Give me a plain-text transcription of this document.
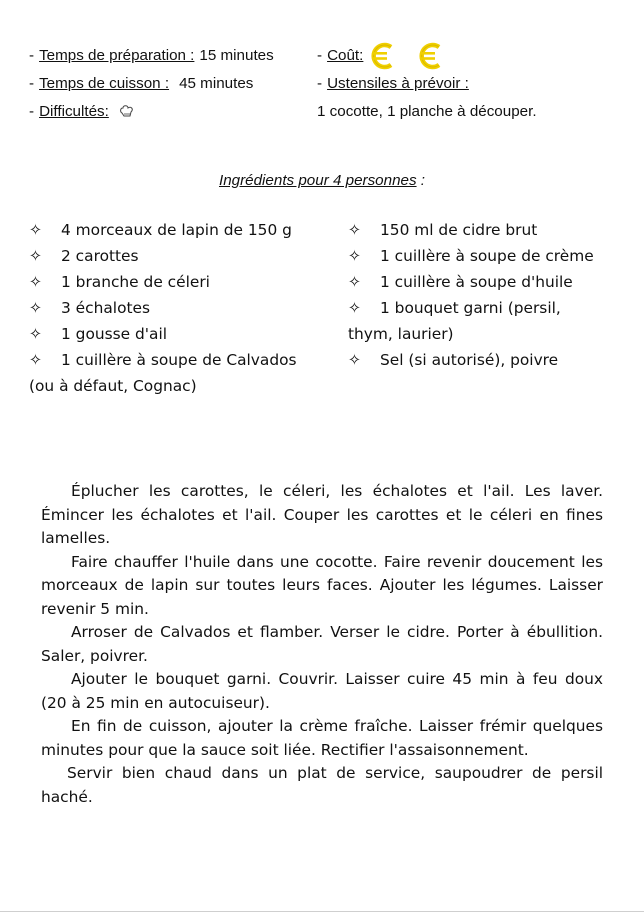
- Temps de préparation : 15 minutes
- Temps de cuisson : 45 minutes
- Difficultés:
- Coût:
- Ustensiles à prévoir :
1 cocotte, 1 planche à découper.
Ingrédients pour 4 personnes :
✧ 4 morceaux de lapin de 150 g
✧ 2 carottes
✧ 1 branche de céleri
✧ 3 échalotes
✧ 1 gousse d'ail
✧ 1 cuillère à soupe de Calvados
(ou à défaut, Cognac)
✧ 150 ml de cidre brut
✧ 1 cuillère à soupe de crème
✧ 1 cuillère à soupe d'huile
✧ 1 bouquet garni (persil,
thym, laurier)
✧ Sel (si autorisé), poivre

Éplucher les carottes, le céleri, les échalotes et l'ail. Les laver. Émincer les échalotes et l'ail. Couper les carottes et le céleri en fines lamelles.

Faire chauffer l'huile dans une cocotte. Faire revenir doucement les morceaux de lapin sur toutes leurs faces. Ajouter les légumes. Laisser revenir 5 min.

Arroser de Calvados et flamber. Verser le cidre. Porter à ébullition. Saler, poivrer.

Ajouter le bouquet garni. Couvrir. Laisser cuire 45 min à feu doux (20 à 25 min en autocuiseur).

En fin de cuisson, ajouter la crème fraîche. Laisser frémir quelques minutes pour que la sauce soit liée. Rectifier l'assaisonnement.

Servir bien chaud dans un plat de service, saupoudrer de persil haché.
